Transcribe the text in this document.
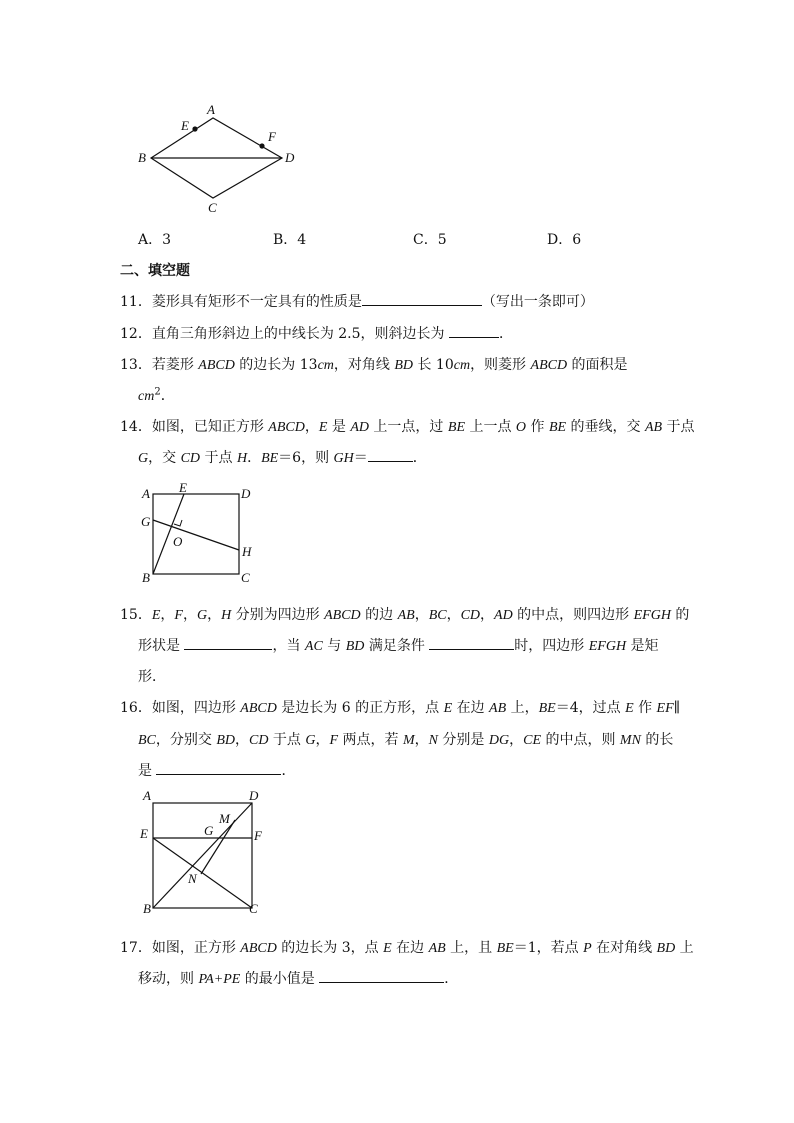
A
E
F
B	D
C
A．3	B．4	C．5	D．6
二、填空题
11．菱形具有矩形不一定具有的性质是	（写出一条即可）
12．直角三角形斜边上的中线长为 2.5，则斜边长为	．
13．若菱形 ABCD 的边长为 13cm，对角线 BD 长 10cm，则菱形 ABCD 的面积是
$cm^2$．
14．如图，已知正方形 ABCD，E 是 AD 上一点，过 BE 上一点 O 作 BE 的垂线，交 AB 于点
G，交 CD 于点 H．BE＝6，则 GH＝	．
A E	D
G
O
H
B	C
15．E，F，G，H 分别为四边形 ABCD 的边 AB，BC，CD，AD 的中点，则四边形 EFGH 的
形状是	，当 AC 与 BD 满足条件	时，四边形 EFGH 是矩
形．
16．如图，四边形 ABCD 是边长为 6 的正方形，点 E 在边 AB 上，BE＝4，过点 E 作 EF∥
BC，分别交 BD，CD 于点 G，F 两点，若 M，N 分别是 DG，CE 的中点，则 MN 的长
是	．
A	D
M
E	G	F
N
B	C
17．如图，正方形 ABCD 的边长为 3，点 E 在边 AB 上，且 BE＝1，若点 P 在对角线 BD 上
移动，则 PA+PE 的最小值是	．
